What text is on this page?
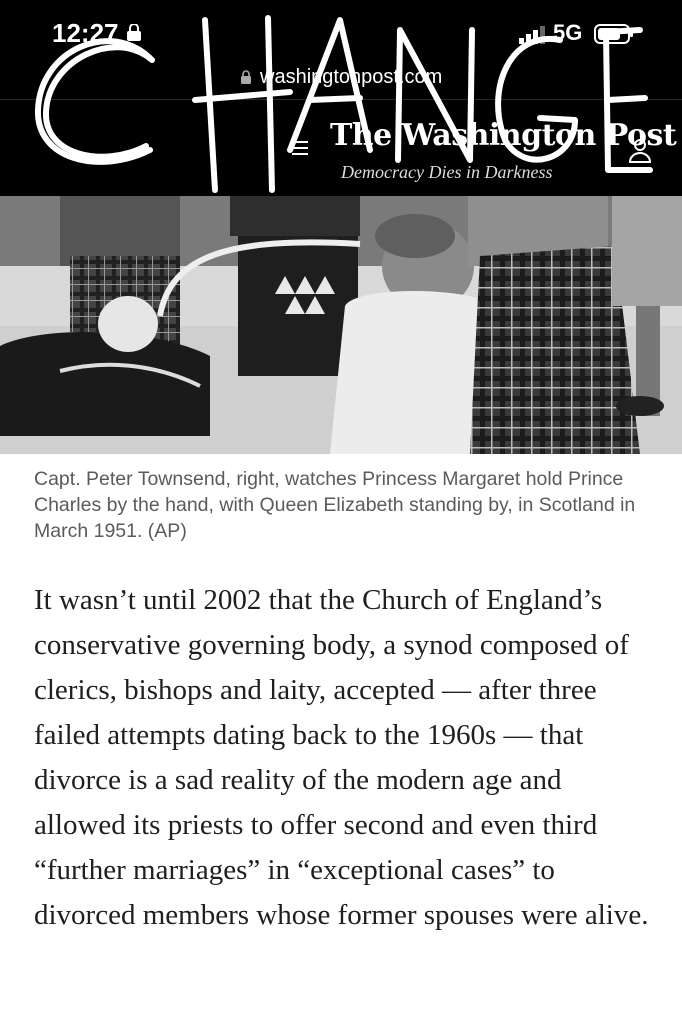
12:27	5G
washingtonpost.com
The Washington Post
Democracy Dies in Darkness
Capt. Peter Townsend, right, watches Princess Margaret hold Prince Charles by the hand, with Queen Elizabeth standing by, in Scotland in March 1951. (AP)
It wasn’t until 2002 that the Church of England’s conservative governing body, a synod composed of clerics, bishops and laity, accepted — after three failed attempts dating back to the 1960s — that divorce is a sad reality of the modern age and allowed its priests to offer second and even third “further marriages” in “exceptional cases” to divorced members whose former spouses were alive.
